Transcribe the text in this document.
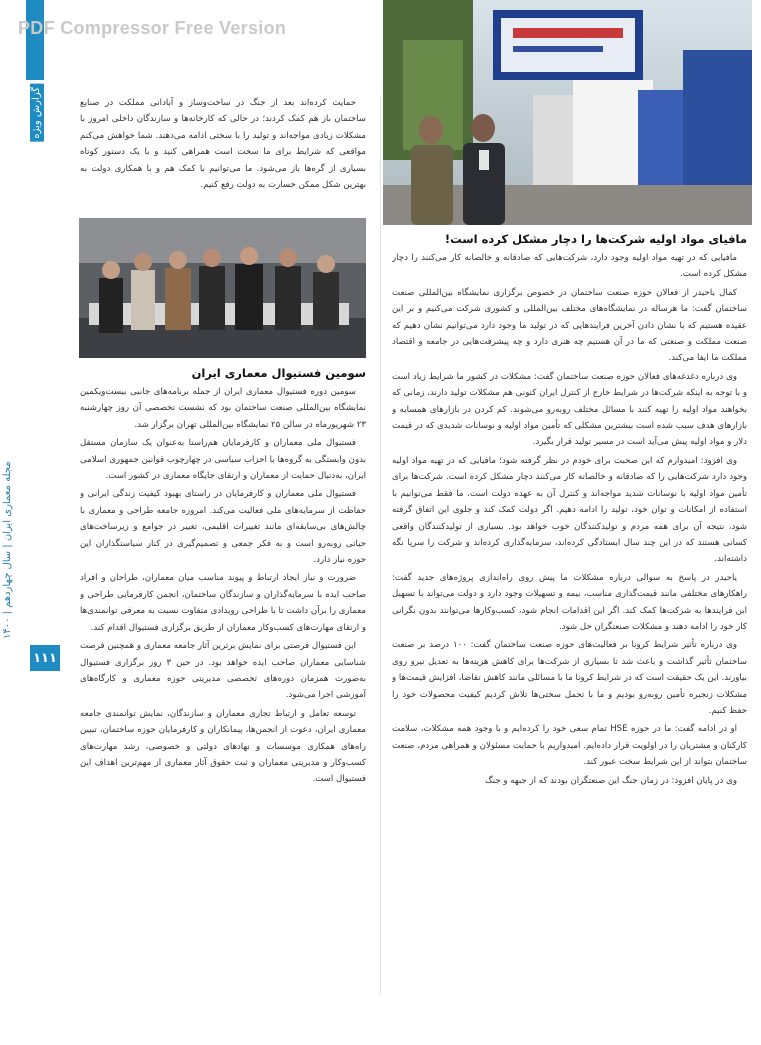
PDF Compressor Free Version
گزارش ویژه
مجله معماری ایران | سال چهاردهم | ۱۴۰۰
۱۱۱

حمایت کرده‌اند بعد از جنگ در ساخت‌وساز و آبادانی مملکت در صنایع ساختمان باز هم کمک کردند؛ در حالی که کارخانه‌ها و سازندگان داخلی امروز با مشکلات زیادی مواجه‌اند و تولید را با سختی ادامه می‌دهند. شما خواهش می‌کنم مواقعی که شرایط برای ما سخت است همراهی کنید و با یک دستور کوتاه بسیاری از گره‌ها باز می‌شود. ما می‌توانیم با کمک هم و با همکاری دولت به بهترین شکل ممکن خسارت به دولت رفع کنیم.

سومین فستیوال معماری ایران

سومین دوره فستیوال معماری ایران از جمله برنامه‌های جانبی بیست‌ویکمین نمایشگاه بین‌المللی صنعت ساختمان بود که نشست تخصصی آن روز چهارشنبه ۲۳ شهریورماه در سالن ۲۵ نمایشگاه بین‌المللی تهران برگزار شد.

فستیوال ملی معماران و کارفرمایان هم‌راستا به‌عنوان یک سازمان مستقل بدون وابستگی به گروه‌ها یا احزاب سیاسی در چهارچوب قوانین جمهوری اسلامی ایران، به‌دنبال حمایت از معماران و ارتقای جایگاه معماری در کشور است.

فستیوال ملی معماران و کارفرمایان در راستای بهبود کیفیت زندگی ایرانی و حفاظت از سرمایه‌های ملی فعالیت می‌کند. امروزه جامعه طراحی و معماری با چالش‌های بی‌سابقه‌ای مانند تغییرات اقلیمی، تغییر در جوامع و زیرساخت‌های حیاتی روبه‌رو است و به فکر جمعی و تصمیم‌گیری در کنار سیاستگذاران این حوزه نیاز دارد.

ضرورت و نیاز ایجاد ارتباط و پیوند مناسب میان معماران، طراحان و افراد صاحب ایده با سرمایه‌گذاران و سازندگان ساختمان، انجمن کارفرمایی طراحی و معماری را برآن داشت تا با طراحی رویدادی متفاوت نسبت به معرفی توانمندی‌ها و ارتقای مهارت‌های کسب‌وکار معماران از طریق برگزاری فستیوال اقدام کند.

این فستیوال فرصتی برای نمایش برترین آثار جامعه معماری و همچنین فرصت شناسایی معماران صاحب ایده خواهد بود. در حین ۳ روز برگزاری فستیوال به‌صورت همزمان دوره‌های تخصصی مدیریتی حوزه معماری و کارگاه‌های آموزشی اجرا می‌شود.

توسعه تعامل و ارتباط تجاری معماران و سازندگان، نمایش توانمندی جامعه معماری ایران، دعوت از انجمن‌ها، پیمانکاران و کارفرمایان حوزه ساختمان، تبیین راه‌های همکاری موسسات و نهادهای دولتی و خصوصی، رشد مهارت‌های کسب‌وکار و مدیریتی معماران و ثبت حقوق آثار معماری از مهم‌ترین اهداف این فستیوال است.

مافیای مواد اولیه شرکت‌ها را دچار مشکل کرده است!

مافیایی که در تهیه مواد اولیه وجود دارد، شرکت‌هایی که صادقانه و خالصانه کار می‌کنند را دچار مشکل کرده است.

کمال یاحیدر از فعالان حوزه صنعت ساختمان در خصوص برگزاری نمایشگاه بین‌المللی صنعت ساختمان گفت: ما هرساله در نمایشگاه‌های مختلف بین‌المللی و کشوری شرکت می‌کنیم و بر این عقیده هستیم که با نشان دادن آخرین فرایندهایی که در تولید ما وجود دارد می‌توانیم نشان دهیم که صنعت مملکت و صنعتی که ما در آن هستیم چه هنری دارد و چه پیشرفت‌هایی در جامعه و اقتصاد مملکت ما ایفا می‌کند.

وی درباره دغدغه‌های فعالان حوزه صنعت ساختمان گفت: مشکلات در کشور ما شرایط زیاد است و با توجه به اینکه شرکت‌ها در شرایط خارج از کنترل ایران کنونی هم مشکلات تولید دارند، زمانی که بخواهند مواد اولیه را تهیه کنند با مسائل مختلف روبه‌رو می‌شوند. کم کردن در بازارهای همسایه و بازارهای هدف سبب شده است بیشترین مشکلی که تأمین مواد اولیه و نوسانات شدیدی که در قیمت دلار و مواد اولیه پیش می‌آید است در مسیر تولید قرار بگیرد.

وی افزود: امیدوارم که این صحبت برای خودم در نظر گرفته شود؛ مافیایی که در تهیه مواد اولیه وجود دارد شرکت‌هایی را که صادقانه و خالصانه کار می‌کنند دچار مشکل کرده است. شرکت‌ها برای تأمین مواد اولیه با نوسانات شدید مواجه‌اند و کنترل آن به عهده دولت است. ما فقط می‌توانیم با استفاده از امکانات و توان خود، تولید را ادامه دهیم. اگر دولت کمک کند و جلوی این اتفاق گرفته شود، نتیجه آن برای همه مردم و تولیدکنندگان خوب خواهد بود. بسیاری از تولیدکنندگان واقعی کسانی هستند که در این چند سال ایستادگی کرده‌اند، سرمایه‌گذاری کرده‌اند و شرکت را سرپا نگه داشته‌اند.

یاحیدر در پاسخ به سوالی درباره مشکلات ما پیش روی راه‌اندازی پروژه‌های جدید گفت: راهکارهای مختلفی مانند قیمت‌گذاری مناسب، بیمه و تسهیلات وجود دارد و دولت می‌تواند با تسهیل این فرایندها به شرکت‌ها کمک کند. اگر این اقدامات انجام شود، کسب‌وکارها می‌توانند بدون نگرانی کار خود را ادامه دهند و مشکلات صنعتگران حل شود.

وی درباره تأثیر شرایط کرونا بر فعالیت‌های حوزه صنعت ساختمان گفت: ۱۰۰ درصد بر صنعت ساختمان تأثیر گذاشت و باعث شد تا بسیاری از شرکت‌ها برای کاهش هزینه‌ها به تعدیل نیرو روی بیاورند. این یک حقیقت است که در شرایط کرونا ما با مسائلی مانند کاهش تقاضا، افزایش قیمت‌ها و مشکلات زنجیره تأمین روبه‌رو بودیم و ما با تحمل سختی‌ها تلاش کردیم کیفیت محصولات خود را حفظ کنیم.

او در ادامه گفت: ما در حوزه HSE تمام سعی خود را کرده‌ایم و با وجود همه مشکلات، سلامت کارکنان و مشتریان را در اولویت قرار داده‌ایم. امیدواریم با حمایت مسئولان و همراهی مردم، صنعت ساختمان بتواند از این شرایط سخت عبور کند.

وی در پایان افزود: در زمان جنگ این صنعتگران بودند که از جبهه و جنگ
